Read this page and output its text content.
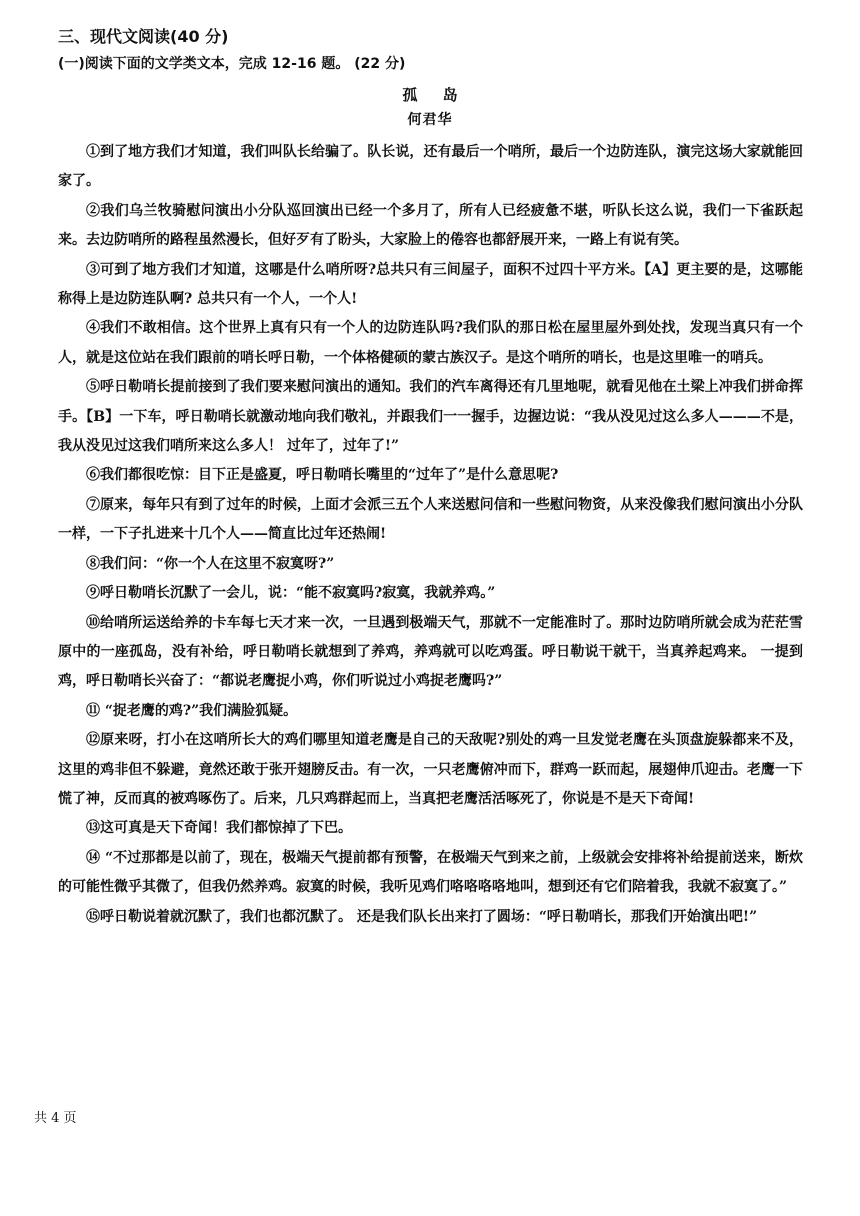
三、现代文阅读(40 分)
(一)阅读下面的文学类文本，完成 12-16 题。 (22 分)
孤 岛
何君华

①到了地方我们才知道，我们叫队长给骗了。队长说，还有最后一个哨所，最后一个边防连队，演完这场大家就能回家了。

②我们乌兰牧骑慰问演出小分队巡回演出已经一个多月了，所有人已经疲惫不堪，听队长这么说，我们一下雀跃起来。去边防哨所的路程虽然漫长，但好歹有了盼头，大家脸上的倦容也都舒展开来，一路上有说有笑。

③可到了地方我们才知道，这哪是什么哨所呀?总共只有三间屋子，面积不过四十平方米。【A】更主要的是，这哪能称得上是边防连队啊? 总共只有一个人，一个人!

④我们不敢相信。这个世界上真有只有一个人的边防连队吗?我们队的那日松在屋里屋外到处找，发现当真只有一个人，就是这位站在我们跟前的哨长呼日勒，一个体格健硕的蒙古族汉子。是这个哨所的哨长，也是这里唯一的哨兵。

⑤呼日勒哨长提前接到了我们要来慰问演出的通知。我们的汽车离得还有几里地呢，就看见他在土梁上冲我们拼命挥手。【B】一下车，呼日勒哨长就激动地向我们敬礼，并跟我们一一握手，边握边说：“我从没见过这么多人———不是，我从没见过这我们哨所来这么多人！ 过年了，过年了!”

⑥我们都很吃惊：目下正是盛夏，呼日勒哨长嘴里的“过年了”是什么意思呢?

⑦原来，每年只有到了过年的时候，上面才会派三五个人来送慰问信和一些慰问物资，从来没像我们慰问演出小分队一样，一下子扎进来十几个人——简直比过年还热闹!

⑧我们问：“你一个人在这里不寂寞呀?”

⑨呼日勒哨长沉默了一会儿，说：“能不寂寞吗?寂寞，我就养鸡。”

⑩给哨所运送给养的卡车每七天才来一次，一旦遇到极端天气，那就不一定能准时了。那时边防哨所就会成为茫茫雪原中的一座孤岛，没有补给，呼日勒哨长就想到了养鸡，养鸡就可以吃鸡蛋。呼日勒说干就干，当真养起鸡来。 一提到鸡，呼日勒哨长兴奋了：“都说老鹰捉小鸡，你们听说过小鸡捉老鹰吗?”

⑪ “捉老鹰的鸡?”我们满脸狐疑。

⑫原来呀，打小在这哨所长大的鸡们哪里知道老鹰是自己的天敌呢?别处的鸡一旦发觉老鹰在头顶盘旋躲都来不及，这里的鸡非但不躲避，竟然还敢于张开翅膀反击。有一次，一只老鹰俯冲而下，群鸡一跃而起，展翅伸爪迎击。老鹰一下慌了神，反而真的被鸡啄伤了。后来，几只鸡群起而上，当真把老鹰活活啄死了，你说是不是天下奇闻!

⑬这可真是天下奇闻！我们都惊掉了下巴。

⑭ “不过那都是以前了，现在，极端天气提前都有预警，在极端天气到来之前，上级就会安排将补给提前送来，断炊的可能性微乎其微了，但我仍然养鸡。寂寞的时候，我听见鸡们咯咯咯咯地叫，想到还有它们陪着我，我就不寂寞了。”

⑮呼日勒说着就沉默了，我们也都沉默了。 还是我们队长出来打了圆场：“呼日勒哨长，那我们开始演出吧!”

共 4 页
